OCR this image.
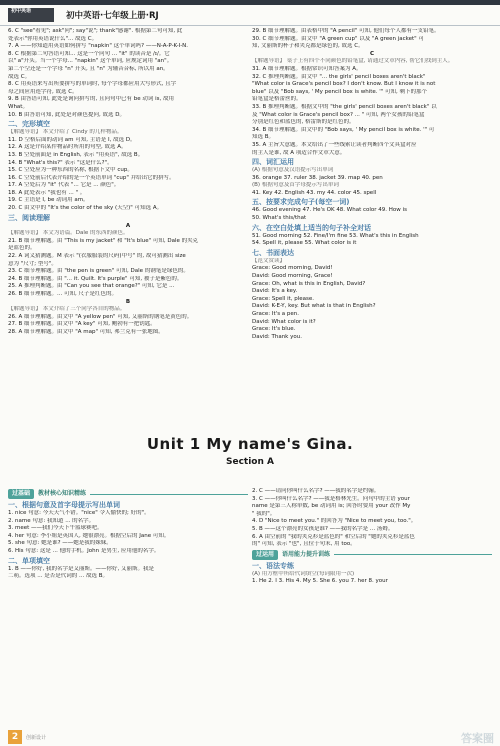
初中英语	初中英语·七年级上册·RJ
6. C "see"看见"; ask"问"; say"说"; thank"感谢". 根据第二句可知, 此
处表示"你用英语说什么"... 故选 C。
7. A ——你知道用英语如何拼写 "napkin" 这个单词吗? ——N-A-P-K-I-N.
8. C 根据第二句答语可知... 这是一个问句 ... "it" 的读音是 /ɪ/。它
以" a"开头。当一个字母... "napkin" 这个单词, 应规定词用 "an"。
第二个空还是一个字母 "n" 开头, 且 "n" 为辅音音标, 所以用 an。
故选 C。
8. C 用英语来写出所要拼写的单词时, 每个字母都应用大写形式, 且字
母之间应用连字符, 故选 C。
9. B 由答语可知, 此处是询问拼写的, 且问句中已有 be 动词 is, 故用
What。
10. B 由答语可知, 此处是对颜色提问, 故选 D。
二、完形填空
【解题导语】 本文介绍了 Cindy 的几样物品。
11. D 空格后面的动词 am 可知, 主语是 I, 故选 D。
12. A 这是介绍某件物品时所用的句型, 故选 A。
13. B 空处前面是 in English, 表示 "用英语", 故选 B。
14. B "What's this?" 表示 "这是什么?"。
15. C 空处应为一种东西的名称, 根据下文中 cup。
16. C 空处前后代表介绍的是一个英语单词 "cup" 并给出它的拼写。
17. A 空处后为 "it" 代表 "... 它是 ... 颜色"。
18. A 此处表示 "我也有 ... " 。
19. C 主语是 I, be 动词用 am。
20. C 由文中的 "It's the color of the sky (天空)" 可知选 A。
三、阅读理解
A
【解题导语】 本文为语篇。Dale 的东西的颜色。
21. B 细节理解题。由 "This is my jacket" 和 "It's blue" 可知, Dale 的夹克
是蓝色的。
22. A 词义猜测题。M 表示 "(衣服服装的尺码)中号" 的, 故可猜测出 size
意为 "尺寸; 型号"。
23. C 细节理解题。由 "the pen is green" 可知, Dale 的钢笔是绿色的。
24. B 细节理解题。由 "... it. Quilt. It's purple" 可知, 被子是紫色的。
25. A 推理判断题。由 "Can you see that orange?" 可知, 它是 ...
26. B 细节理解题。... 可知, 尺子是红色的。
B
【解题导语】 本文介绍了三个同学各自的物品。
26. A 细节理解题。由文中 "A yellow pen" 可知, 艾丽斯的钢笔是黄色的。
27. B 细节理解题。由文中 "A key" 可知, 鲍勃有一把钥匙。
28. A 细节理解题。由文中 "A map" 可知, 弗兰克有一张地图。
29. B 细节理解题。由表格中的 "A pencil" 可知, 他们每个人都有一支铅笔。
30. C 细节理解题。由文中 "A green cup" 以及 "A green jacket" 可
知, 文丽斯的杯子和夹克都是绿色的, 故选 C。
C
【解题导语】 桌子上有四个不同颜色的铅笔盒, 请通过文章内容, 帮它们找到主人。
31. A 细节理解题。根据常识可知答案为 A。
32. C 推理判断题。由文中 "... the girls' pencil boxes aren't black"
"What color is Grace's pencil box? I don't know. But I know it is not
blue" 以及 "Bob says, ' My pencil box is white. '" 可知, 剩下的那个
铅笔盒是格蕾丝的。
33. B 推理判断题。根据文中的 "the girls' pencil boxes aren't black" 以
及 "What color is Grace's pencil box? ... " 可知, 两个女孩的铅笔盒
分别是红色和蓝色的, 格雷斯的是红色的。
34. B 细节理解题。由文中的 "Bob says, ' My pencil box is white. '" 可
知选 B。
35. A 主旨大意题。本文给出了一些线索让读者判断四个文具盒对应
的主人是谁, 故 A 项适合作文章大意。
四、词汇运用
(A) 根据句意及汉语提示写出单词
36. orange 37. ruler 38. jacket 39. map 40. pen
(B) 根据句意及首字母提示写出单词
41. Key 42. English 43. my 44. color 45. spell
五、按要求完成句子(每空一词)
46. Good evening 47. He's OK 48. What color 49. How is
50. What's this/that
六、在空白处填上适当的句子补全对话
51. Good morning 52. Fine/I'm fine 53. What's this in English
54. Spell it, please 55. What color is it
七、书面表达
【范文赏读】
Grace: Good morning, David!
David: Good morning, Grace!
Grace: Oh, what is this in English, David?
David: It's a key.
Grace: Spell it, please.
David: K-E-Y, key. But what is that in English?
Grace: It's a pen.
David: What color is it?
Grace: It's blue.
David: Thank you.
Unit 1 My name's Gina.
Section A
过基础	教材核心知识精练
一、根据句意及首字母提示写出单词
1. nice 句意: 今天天气不错。"nice" 令人愉快的; 好的"。
2. name 句意: 我知道 ... 的名字。
3. meet ——我们今天下午篮球赛吧。
4. her 句意: 李小姐是英国人, 她很漂亮。根据空后的 Jane 可知。
5. she 句意: 她是谁? ——她是我的妹妹。
6. His 句意: 这是 ... 他的手机。John 是男生, 应用他的名字。
二、单项填空
1. B ——你好, 我的名字是艾丽斯。——你好, 艾丽斯。我是
二萌。选项 ... 是否是代词的 ... 故选 B。
2. C ——请问你叫什么名字? ——我的名字是约翰。
3. C ——你叫什么名字? ——我是格林先生。问句中的主语 your
name 是第三人称单数, be 动词用 is; 回答时要用 your 改作 My
" 我的"。
4. D "Nice to meet you." 的回答为 "Nice to meet you, too."。
5. B ——这个漂亮的女孩是谁? ——我的名字是 ... 汤姆。
6. A 由空前的 "我的夹克衫是蓝色的" 和空后的 "她的夹克衫是蓝色
的" 可知, 表示 "也", 且位于句末, 用 too。
过运用	语用能力提升训练
一、语法专练
(A) 用方框中所给代词填空(每词限用一次)
1. He 2. I 3. His 4. My 5. She 6. you 7. her 8. your
2	创新设计	答案圈
